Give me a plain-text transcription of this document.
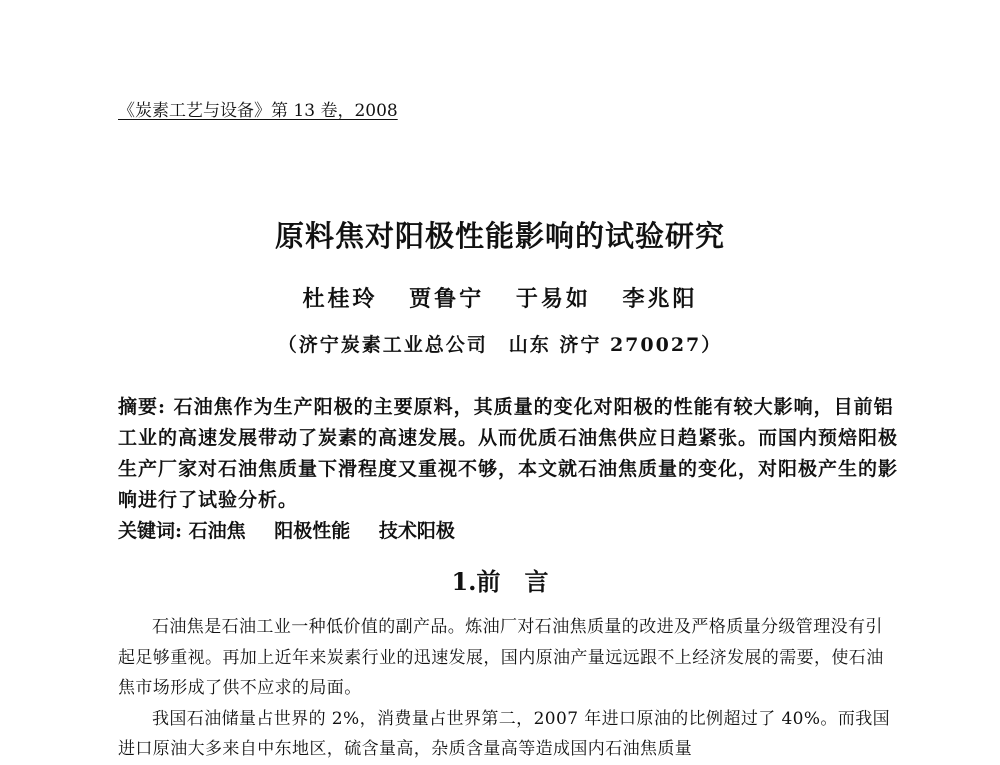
《炭素工艺与设备》第 13 卷，2008
原料焦对阳极性能影响的试验研究
杜桂玲 贾鲁宁 于易如 李兆阳
（济宁炭素工业总公司　山东 济宁 270027）
摘要: 石油焦作为生产阳极的主要原料，其质量的变化对阳极的性能有较大影响，目前铝工业的高速发展带动了炭素的高速发展。从而优质石油焦供应日趋紧张。而国内预焙阳极生产厂家对石油焦质量下滑程度又重视不够，本文就石油焦质量的变化，对阳极产生的影响进行了试验分析。
关键词: 石油焦 阳极性能 技术阳极
1.前　言

石油焦是石油工业一种低价值的副产品。炼油厂对石油焦质量的改进及严格质量分级管理没有引起足够重视。再加上近年来炭素行业的迅速发展，国内原油产量远远跟不上经济发展的需要，使石油焦市场形成了供不应求的局面。

我国石油储量占世界的 2%，消费量占世界第二，2007 年进口原油的比例超过了 40%。而我国进口原油大多来自中东地区，硫含量高，杂质含量高等造成国内石油焦质量
